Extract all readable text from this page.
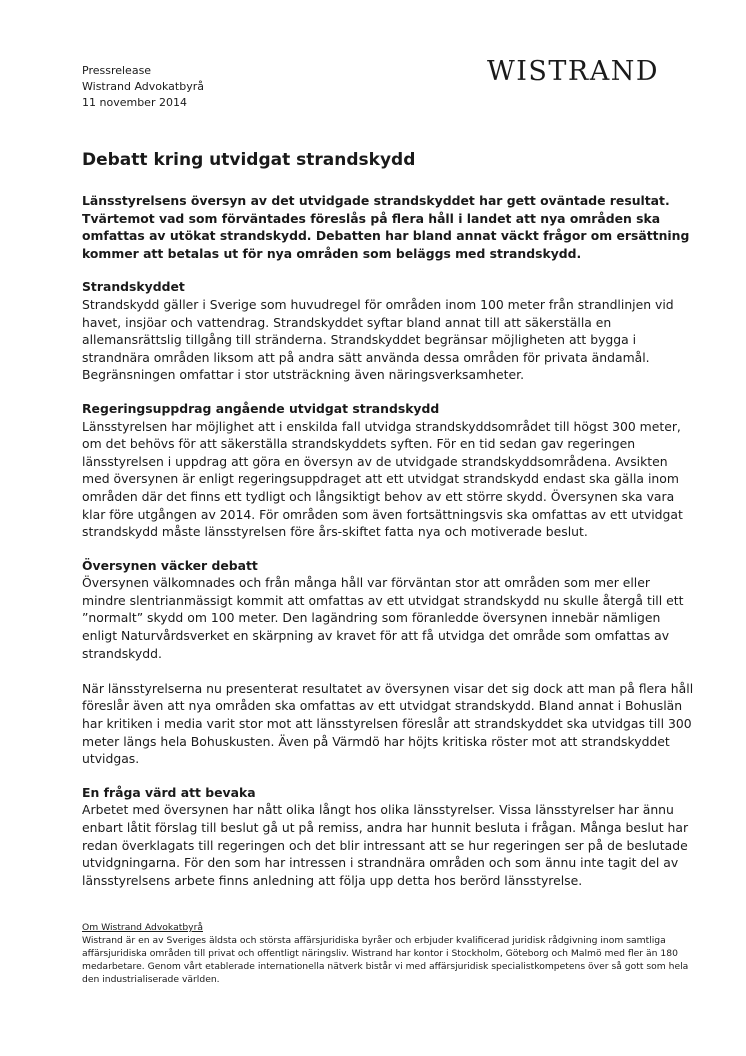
Pressrelease
Wistrand Advokatbyrå
11 november 2014
WISTRAND
Debatt kring utvidgat strandskydd

Länsstyrelsens översyn av det utvidgade strandskyddet har gett oväntade resultat. Tvärtemot vad som förväntades föreslås på flera håll i landet att nya områden ska omfattas av utökat strandskydd. Debatten har bland annat väckt frågor om ersättning kommer att betalas ut för nya områden som beläggs med strandskydd.

Strandskyddet

Strandskydd gäller i Sverige som huvudregel för områden inom 100 meter från strandlinjen vid havet, insjöar och vattendrag. Strandskyddet syftar bland annat till att säkerställa en allemansrättslig tillgång till stränderna. Strandskyddet begränsar möjligheten att bygga i strandnära områden liksom att på andra sätt använda dessa områden för privata ändamål. Begränsningen omfattar i stor utsträckning även näringsverksamheter.

Regeringsuppdrag angående utvidgat strandskydd

Länsstyrelsen har möjlighet att i enskilda fall utvidga strandskyddsområdet till högst 300 meter, om det behövs för att säkerställa strandskyddets syften. För en tid sedan gav regeringen länsstyrelsen i uppdrag att göra en översyn av de utvidgade strandskyddsområdena. Avsikten med översynen är enligt regeringsuppdraget att ett utvidgat strandskydd endast ska gälla inom områden där det finns ett tydligt och långsiktigt behov av ett större skydd. Översynen ska vara klar före utgången av 2014. För områden som även fortsättningsvis ska omfattas av ett utvidgat strandskydd måste länsstyrelsen före års-skiftet fatta nya och motiverade beslut.

Översynen väcker debatt

Översynen välkomnades och från många håll var förväntan stor att områden som mer eller mindre slentrianmässigt kommit att omfattas av ett utvidgat strandskydd nu skulle återgå till ett ”normalt” skydd om 100 meter. Den lagändring som föranledde översynen innebär nämligen enligt Naturvårdsverket en skärpning av kravet för att få utvidga det område som omfattas av strandskydd.

När länsstyrelserna nu presenterat resultatet av översynen visar det sig dock att man på flera håll föreslår även att nya områden ska omfattas av ett utvidgat strandskydd. Bland annat i Bohuslän har kritiken i media varit stor mot att länsstyrelsen föreslår att strandskyddet ska utvidgas till 300 meter längs hela Bohuskusten. Även på Värmdö har höjts kritiska röster mot att strandskyddet utvidgas.

En fråga värd att bevaka

Arbetet med översynen har nått olika långt hos olika länsstyrelser. Vissa länsstyrelser har ännu enbart låtit förslag till beslut gå ut på remiss, andra har hunnit besluta i frågan. Många beslut har redan överklagats till regeringen och det blir intressant att se hur regeringen ser på de beslutade utvidgningarna. För den som har intressen i strandnära områden och som ännu inte tagit del av länsstyrelsens arbete finns anledning att följa upp detta hos berörd länsstyrelse.

Om Wistrand Advokatbyrå

Wistrand är en av Sveriges äldsta och största affärsjuridiska byråer och erbjuder kvalificerad juridisk rådgivning inom samtliga affärsjuridiska områden till privat och offentligt näringsliv. Wistrand har kontor i Stockholm, Göteborg och Malmö med fler än 180 medarbetare. Genom vårt etablerade internationella nätverk bistår vi med affärsjuridisk specialistkompetens över så gott som hela den industrialiserade världen.
